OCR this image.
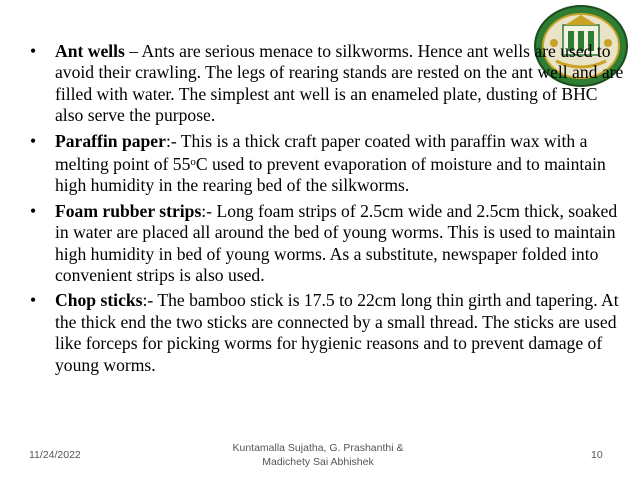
• Ant wells – Ants are serious menace to silkworms. Hence ant wells are used to avoid their crawling. The legs of rearing stands are rested on the ant well and are filled with water. The simplest ant well is an enameled plate, dusting of BHC also serve the purpose.
• Paraffin paper:- This is a thick craft paper coated with paraffin wax with a melting point of 55$^o$C used to prevent evaporation of moisture and to maintain high humidity in the rearing bed of the silkworms.
• Foam rubber strips:- Long foam strips of 2.5cm wide and 2.5cm thick, soaked in water are placed all around the bed of young worms. This is used to maintain high humidity in bed of young worms. As a substitute, newspaper folded into convenient strips is also used.
• Chop sticks:- The bamboo stick is 17.5 to 22cm long thin girth and tapering. At the thick end the two sticks are connected by a small thread. The sticks are used like forceps for picking worms for hygienic reasons and to prevent damage of young worms.
11/24/2022
Kuntamalla Sujatha, G. Prashanthi &
Madichety Sai Abhishek
10
